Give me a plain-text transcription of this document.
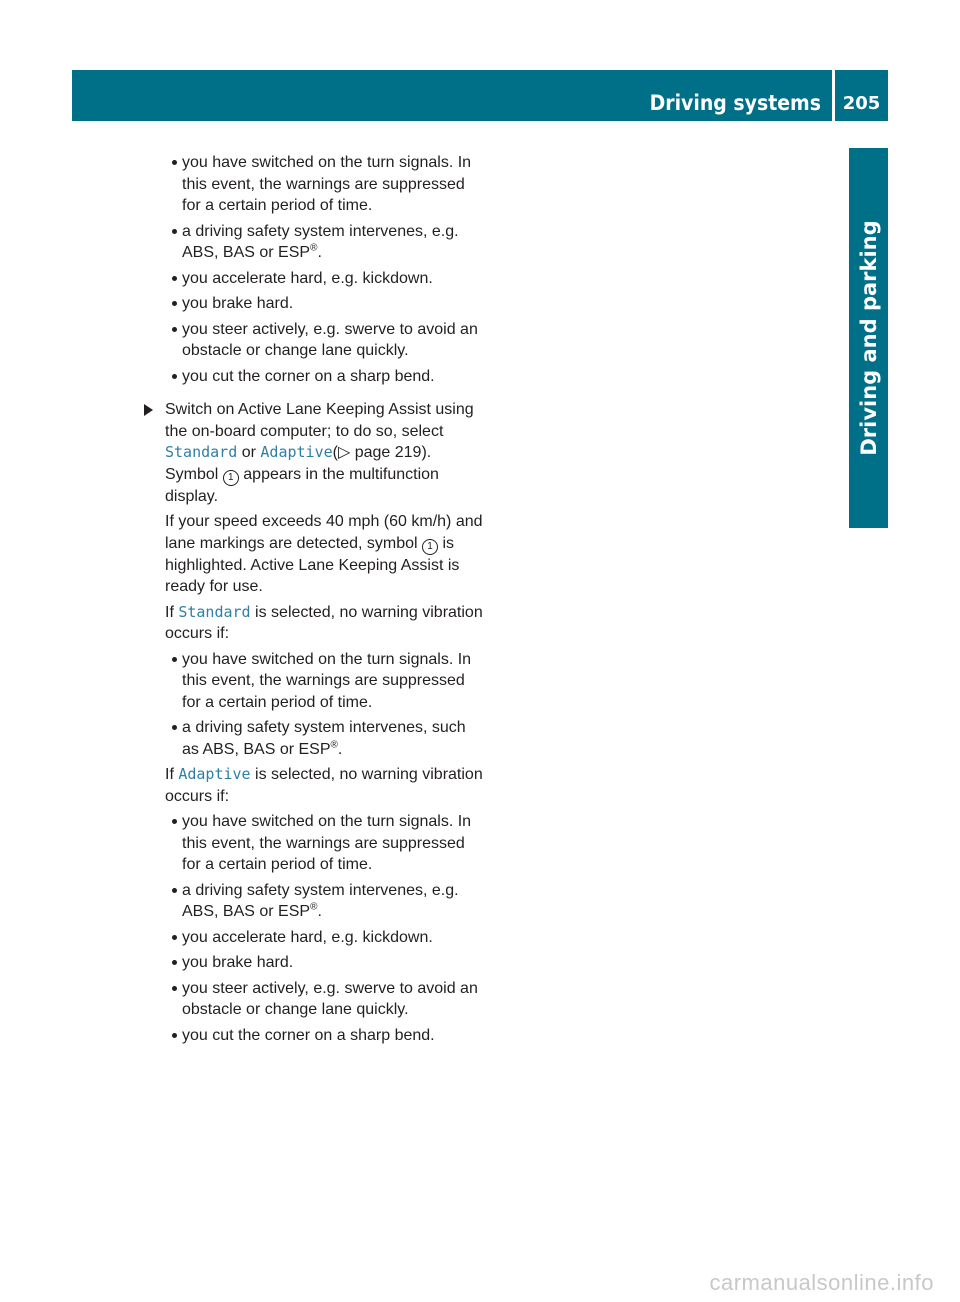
Driving systems	205
Driving and parking
you have switched on the turn signals. In this event, the warnings are suppressed for a certain period of time.
a driving safety system intervenes, e.g. ABS, BAS or ESP®.
you accelerate hard, e.g. kickdown.
you brake hard.
you steer actively, e.g. swerve to avoid an obstacle or change lane quickly.
you cut the corner on a sharp bend.
Switch on Active Lane Keeping Assist using the on-board computer; to do so, select Standard or Adaptive(▷ page 219). Symbol 1 appears in the multifunction display.
If your speed exceeds 40 mph (60 km/h) and lane markings are detected, symbol 1 is highlighted. Active Lane Keeping Assist is ready for use.
If Standard is selected, no warning vibration occurs if:
you have switched on the turn signals. In this event, the warnings are suppressed for a certain period of time.
a driving safety system intervenes, such as ABS, BAS or ESP®.
If Adaptive is selected, no warning vibration occurs if:
you have switched on the turn signals. In this event, the warnings are suppressed for a certain period of time.
a driving safety system intervenes, e.g. ABS, BAS or ESP®.
you accelerate hard, e.g. kickdown.
you brake hard.
you steer actively, e.g. swerve to avoid an obstacle or change lane quickly.
you cut the corner on a sharp bend.
carmanualsonline.info
